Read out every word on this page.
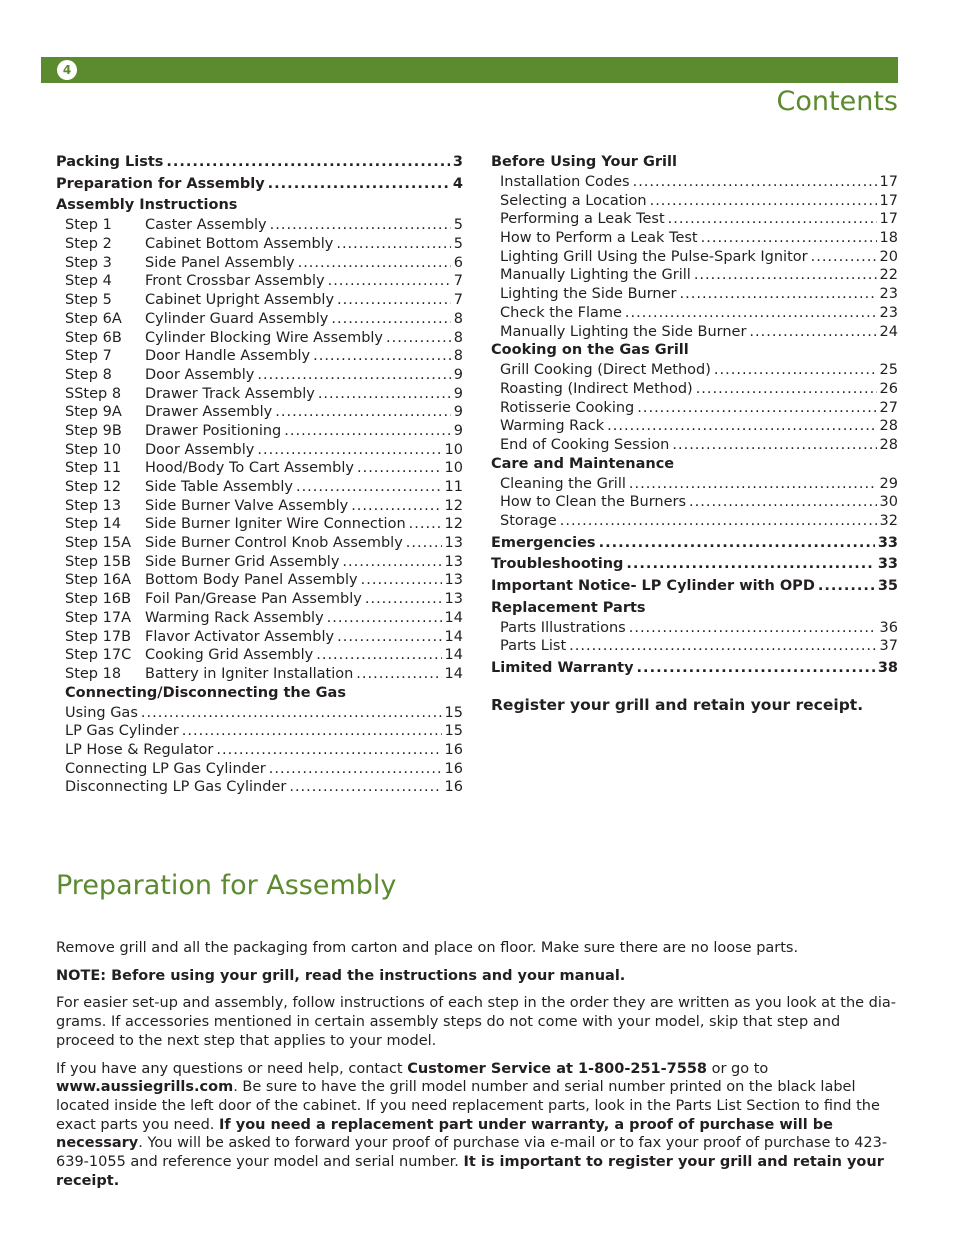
4
Contents
Packing Lists .....	3
Preparation for Assembly .....	4
Assembly Instructions
Step 1	Caster Assembly .....	5
Step 2	Cabinet Bottom Assembly .....	5
Step 3	Side Panel Assembly .....	6
Step 4	Front Crossbar Assembly .....	7
Step 5	Cabinet Upright Assembly .....	7
Step 6A	Cylinder Guard Assembly .....	8
Step 6B	Cylinder Blocking Wire Assembly .....	8
Step 7	Door Handle Assembly .....	8
Step 8	Door Assembly .....	9
SStep 8	Drawer Track Assembly .....	9
Step 9A	Drawer Assembly .....	9
Step 9B	Drawer Positioning .....	9
Step 10	Door Assembly .....	10
Step 11	Hood/Body To Cart Assembly .....	10
Step 12	Side Table Assembly .....	11
Step 13	Side Burner Valve Assembly .....	12
Step 14	Side Burner Igniter Wire Connection .....	12
Step 15A Side Burner Control Knob Assembly .....	13
Step 15B Side Burner Grid Assembly .....	13
Step 16A Bottom Body Panel Assembly .....	13
Step 16B Foil Pan/Grease Pan Assembly .....	13
Step 17A Warming Rack Assembly .....	14
Step 17B Flavor Activator Assembly .....	14
Step 17C Cooking Grid Assembly .....	14
Step 18	Battery in Igniter Installation .....	14
Connecting/Disconnecting the Gas
Using Gas .....	15
LP Gas Cylinder .....	15
LP Hose & Regulator .....	16
Connecting LP Gas Cylinder .....	16
Disconnecting LP Gas Cylinder .....	16
Before Using Your Grill
Installation Codes .....	17
Selecting a Location .....	17
Performing a Leak Test .....	17
How to Perform a Leak Test .....	18
Lighting Grill Using the Pulse-Spark Ignitor .....	20
Manually Lighting the Grill .....	22
Lighting the Side Burner .....	23
Check the Flame .....	23
Manually Lighting the Side Burner .....	24
Cooking on the Gas Grill
Grill Cooking (Direct Method) .....	25
Roasting (Indirect Method) .....	26
Rotisserie Cooking .....	27
Warming Rack .....	28
End of Cooking Session .....	28
Care and Maintenance
Cleaning the Grill .....	29
How to Clean the Burners .....	30
Storage .....	32
Emergencies .....	33
Troubleshooting .....	33
Important Notice- LP Cylinder with OPD .....	35
Replacement Parts
Parts Illustrations .....	36
Parts List .....	37
Limited Warranty .....	38
Register your grill and retain your receipt.
Preparation for Assembly

Remove grill and all the packaging from carton and place on floor. Make sure there are no loose parts.

NOTE: Before using your grill, read the instructions and your manual.

For easier set-up and assembly, follow instructions of each step in the order they are written as you look at the dia-grams. If accessories mentioned in certain assembly steps do not come with your model, skip that step and proceed to the next step that applies to your model.

If you have any questions or need help, contact Customer Service at 1-800-251-7558 or go to www.aussiegrills.com. Be sure to have the grill model number and serial number printed on the black label located inside the left door of the cabinet. If you need replacement parts, look in the Parts List Section to find the exact parts you need. If you need a replacement part under warranty, a proof of purchase will be necessary. You will be asked to forward your proof of purchase via e-mail or to fax your proof of purchase to 423-639-1055 and reference your model and serial number. It is important to register your grill and retain your receipt.
